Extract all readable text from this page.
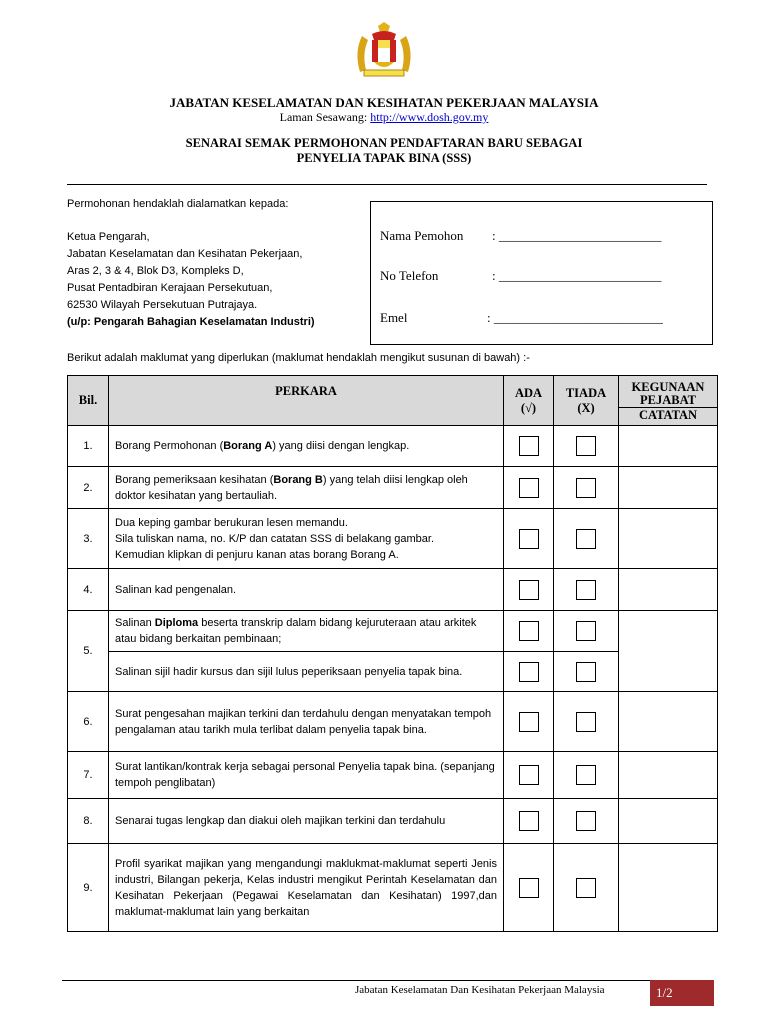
JABATAN KESELAMATAN DAN KESIHATAN PEKERJAAN MALAYSIA
Laman Sesawang: http://www.dosh.gov.my
SENARAI SEMAK PERMOHONAN PENDAFTARAN BARU SEBAGAI
PENYELIA TAPAK BINA (SSS)
Permohonan hendaklah dialamatkan kepada:
Ketua Pengarah,
Jabatan Keselamatan dan Kesihatan Pekerjaan,
Aras 2, 3 & 4, Blok D3, Kompleks D,
Pusat Pentadbiran Kerajaan Persekutuan,
62530 Wilayah Persekutuan Putrajaya.
(u/p: Pengarah Bahagian Keselamatan Industri)
Nama Pemohon : _________________________
No Telefon	: _________________________
Emel	: __________________________
Berikut adalah maklumat yang diperlukan (maklumat hendaklah mengikut susunan di bawah) :-
Bil.	PERKARA	ADA
(√)	TIADA
(X)	KEGUNAAN PEJABAT
CATATAN

1.	Borang Permohonan (Borang A) yang diisi dengan lengkap.			
2.	Borang pemeriksaan kesihatan (Borang B) yang telah diisi lengkap oleh doktor kesihatan yang bertauliah.			
3.	Dua keping gambar berukuran lesen memandu.
Sila tuliskan nama, no. K/P dan catatan SSS di belakang gambar.
Kemudian klipkan di penjuru kanan atas borang Borang A.			

4.	Salinan kad pengenalan.			
5.	Salinan Diploma beserta transkrip dalam bidang kejuruteraan atau arkitek atau bidang berkaitan pembinaan;			
	Salinan sijil hadir kursus dan sijil lulus peperiksaan penyelia tapak bina.			
6.	Surat pengesahan majikan terkini dan terdahulu dengan menyatakan tempoh pengalaman atau tarikh mula terlibat dalam penyelia tapak bina.			
7.	Surat lantikan/kontrak kerja sebagai personal Penyelia tapak bina. (sepanjang tempoh penglibatan)			
8.	Senarai tugas lengkap dan diakui oleh majikan terkini dan terdahulu			
9.	Profil syarikat majikan yang mengandungi maklukmat-maklumat seperti Jenis industri, Bilangan pekerja, Kelas industri mengikut Perintah Keselamatan dan Kesihatan Pekerjaan (Pegawai Keselamatan dan Kesihatan) 1997,dan maklumat-maklumat lain yang berkaitan			
Jabatan Keselamatan Dan Kesihatan Pekerjaan Malaysia	1/2
